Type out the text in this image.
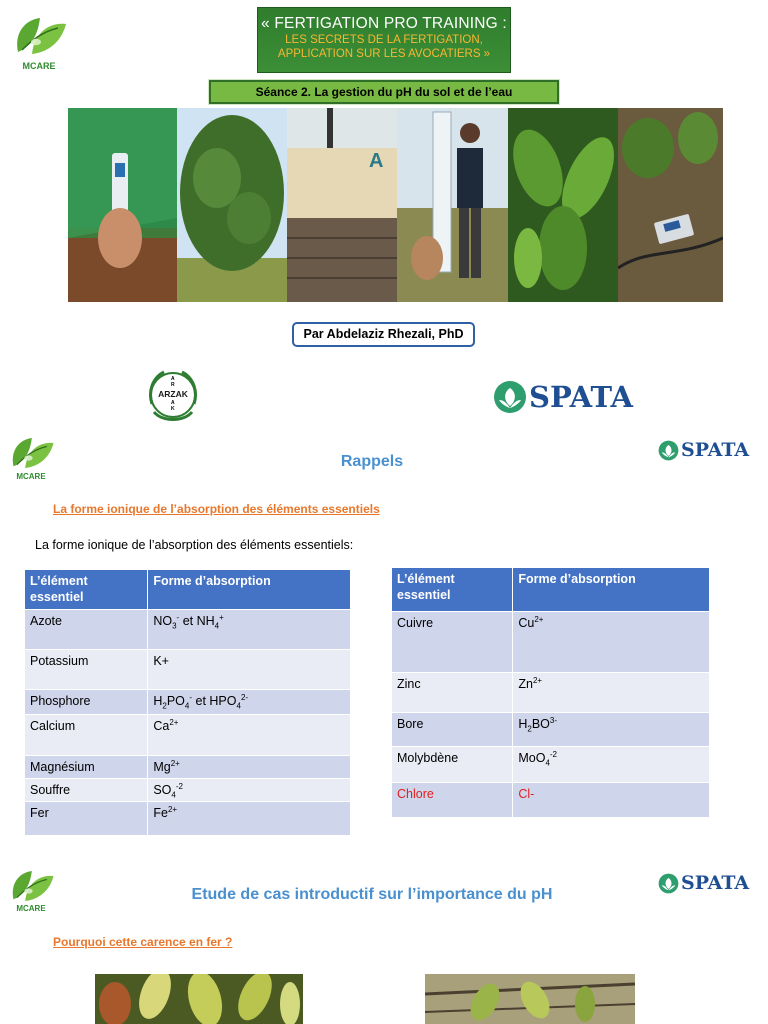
MCARE
« FERTIGATION PRO TRAINING :
LES SECRETS DE LA FERTIGATION,
APPLICATION SUR LES AVOCATIERS »
Séance 2. La gestion du pH du sol et de l’eau
A
Par Abdelaziz Rhezali, PhD
ARZAK
A
R
A
K	SPATA
MCARE
SPATA
Rappels
La forme ionique de l’absorption des éléments essentiels
La forme ionique de l’absorption des éléments essentiels:
L’élément essentiel	Forme d’absorption
Azote	$NO_3^-$ et $NH_4^+$
Potassium	K+
Phosphore	$H_2PO_4^-$ et $HPO_4^{2-}$
Calcium	$Ca^{2+}$
Magnésium	$Mg^{2+}$
Souffre	$SO_4^{-2}$
Fer	$Fe^{2+}$
L’élément essentiel	Forme d’absorption
Cuivre	$Cu^{2+}$
Zinc	$Zn^{2+}$
Bore	$H_2BO^{3-}$
Molybdène	MoO$_4^{-2}$
Chlore	Cl-
MCARE
SPATA
Etude de cas introductif sur l’importance du pH
Pourquoi cette carence en fer ?
